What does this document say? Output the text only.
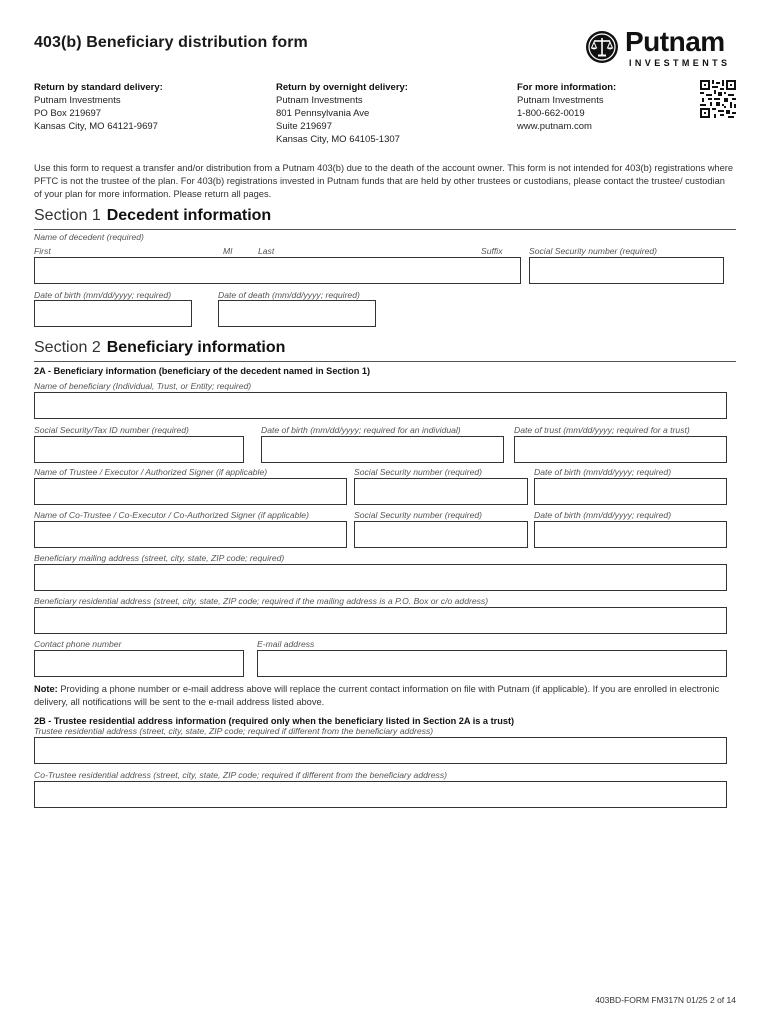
403(b) Beneficiary distribution form	Putnam
INVESTMENTS
Return by standard delivery:
Putnam Investments
PO Box 219697
Kansas City, MO 64121-9697
Return by overnight delivery:
Putnam Investments
801 Pennsylvania Ave
Suite 219697
Kansas City, MO 64105-1307
For more information:
Putnam Investments
1-800-662-0019
www.putnam.com
Use this form to request a transfer and/or distribution from a Putnam 403(b) due to the death of the account owner. This form is not intended for 403(b) registrations where PFTC is not the trustee of the plan. For 403(b) registrations invested in Putnam funds that are held by other trustees or custodians, please contact the trustee/ custodian of your plan for more information. Please return all pages.
Section 1 Decedent information
Name of decedent (required)
First	MI	Last	Suffix	Social Security number (required)
Date of birth (mm/dd/yyyy; required)	Date of death (mm/dd/yyyy; required)
Section 2 Beneficiary information
2A - Beneficiary information (beneficiary of the decedent named in Section 1)
Name of beneficiary (Individual, Trust, or Entity; required)
Social Security/Tax ID number (required)	Date of birth (mm/dd/yyyy; required for an individual)	Date of trust (mm/dd/yyyy; required for a trust)
Name of Trustee / Executor / Authorized Signer (if applicable)	Social Security number (required)	Date of birth (mm/dd/yyyy; required)
Name of Co-Trustee / Co-Executor / Co-Authorized Signer (if applicable)	Social Security number (required)	Date of birth (mm/dd/yyyy; required)
Beneficiary mailing address (street, city, state, ZIP code; required)
Beneficiary residential address (street, city, state, ZIP code; required if the mailing address is a P.O. Box or c/o address)
Contact phone number	E-mail address
Note: Providing a phone number or e-mail address above will replace the current contact information on file with Putnam (if applicable). If you are enrolled in electronic delivery, all notifications will be sent to the e-mail address listed above.
2B - Trustee residential address information (required only when the beneficiary listed in Section 2A is a trust)
Trustee residential address (street, city, state, ZIP code; required if different from the beneficiary address)
Co-Trustee residential address (street, city, state, ZIP code; required if different from the beneficiary address)
403BD-FORM FM317N 01/25 2 of 14
